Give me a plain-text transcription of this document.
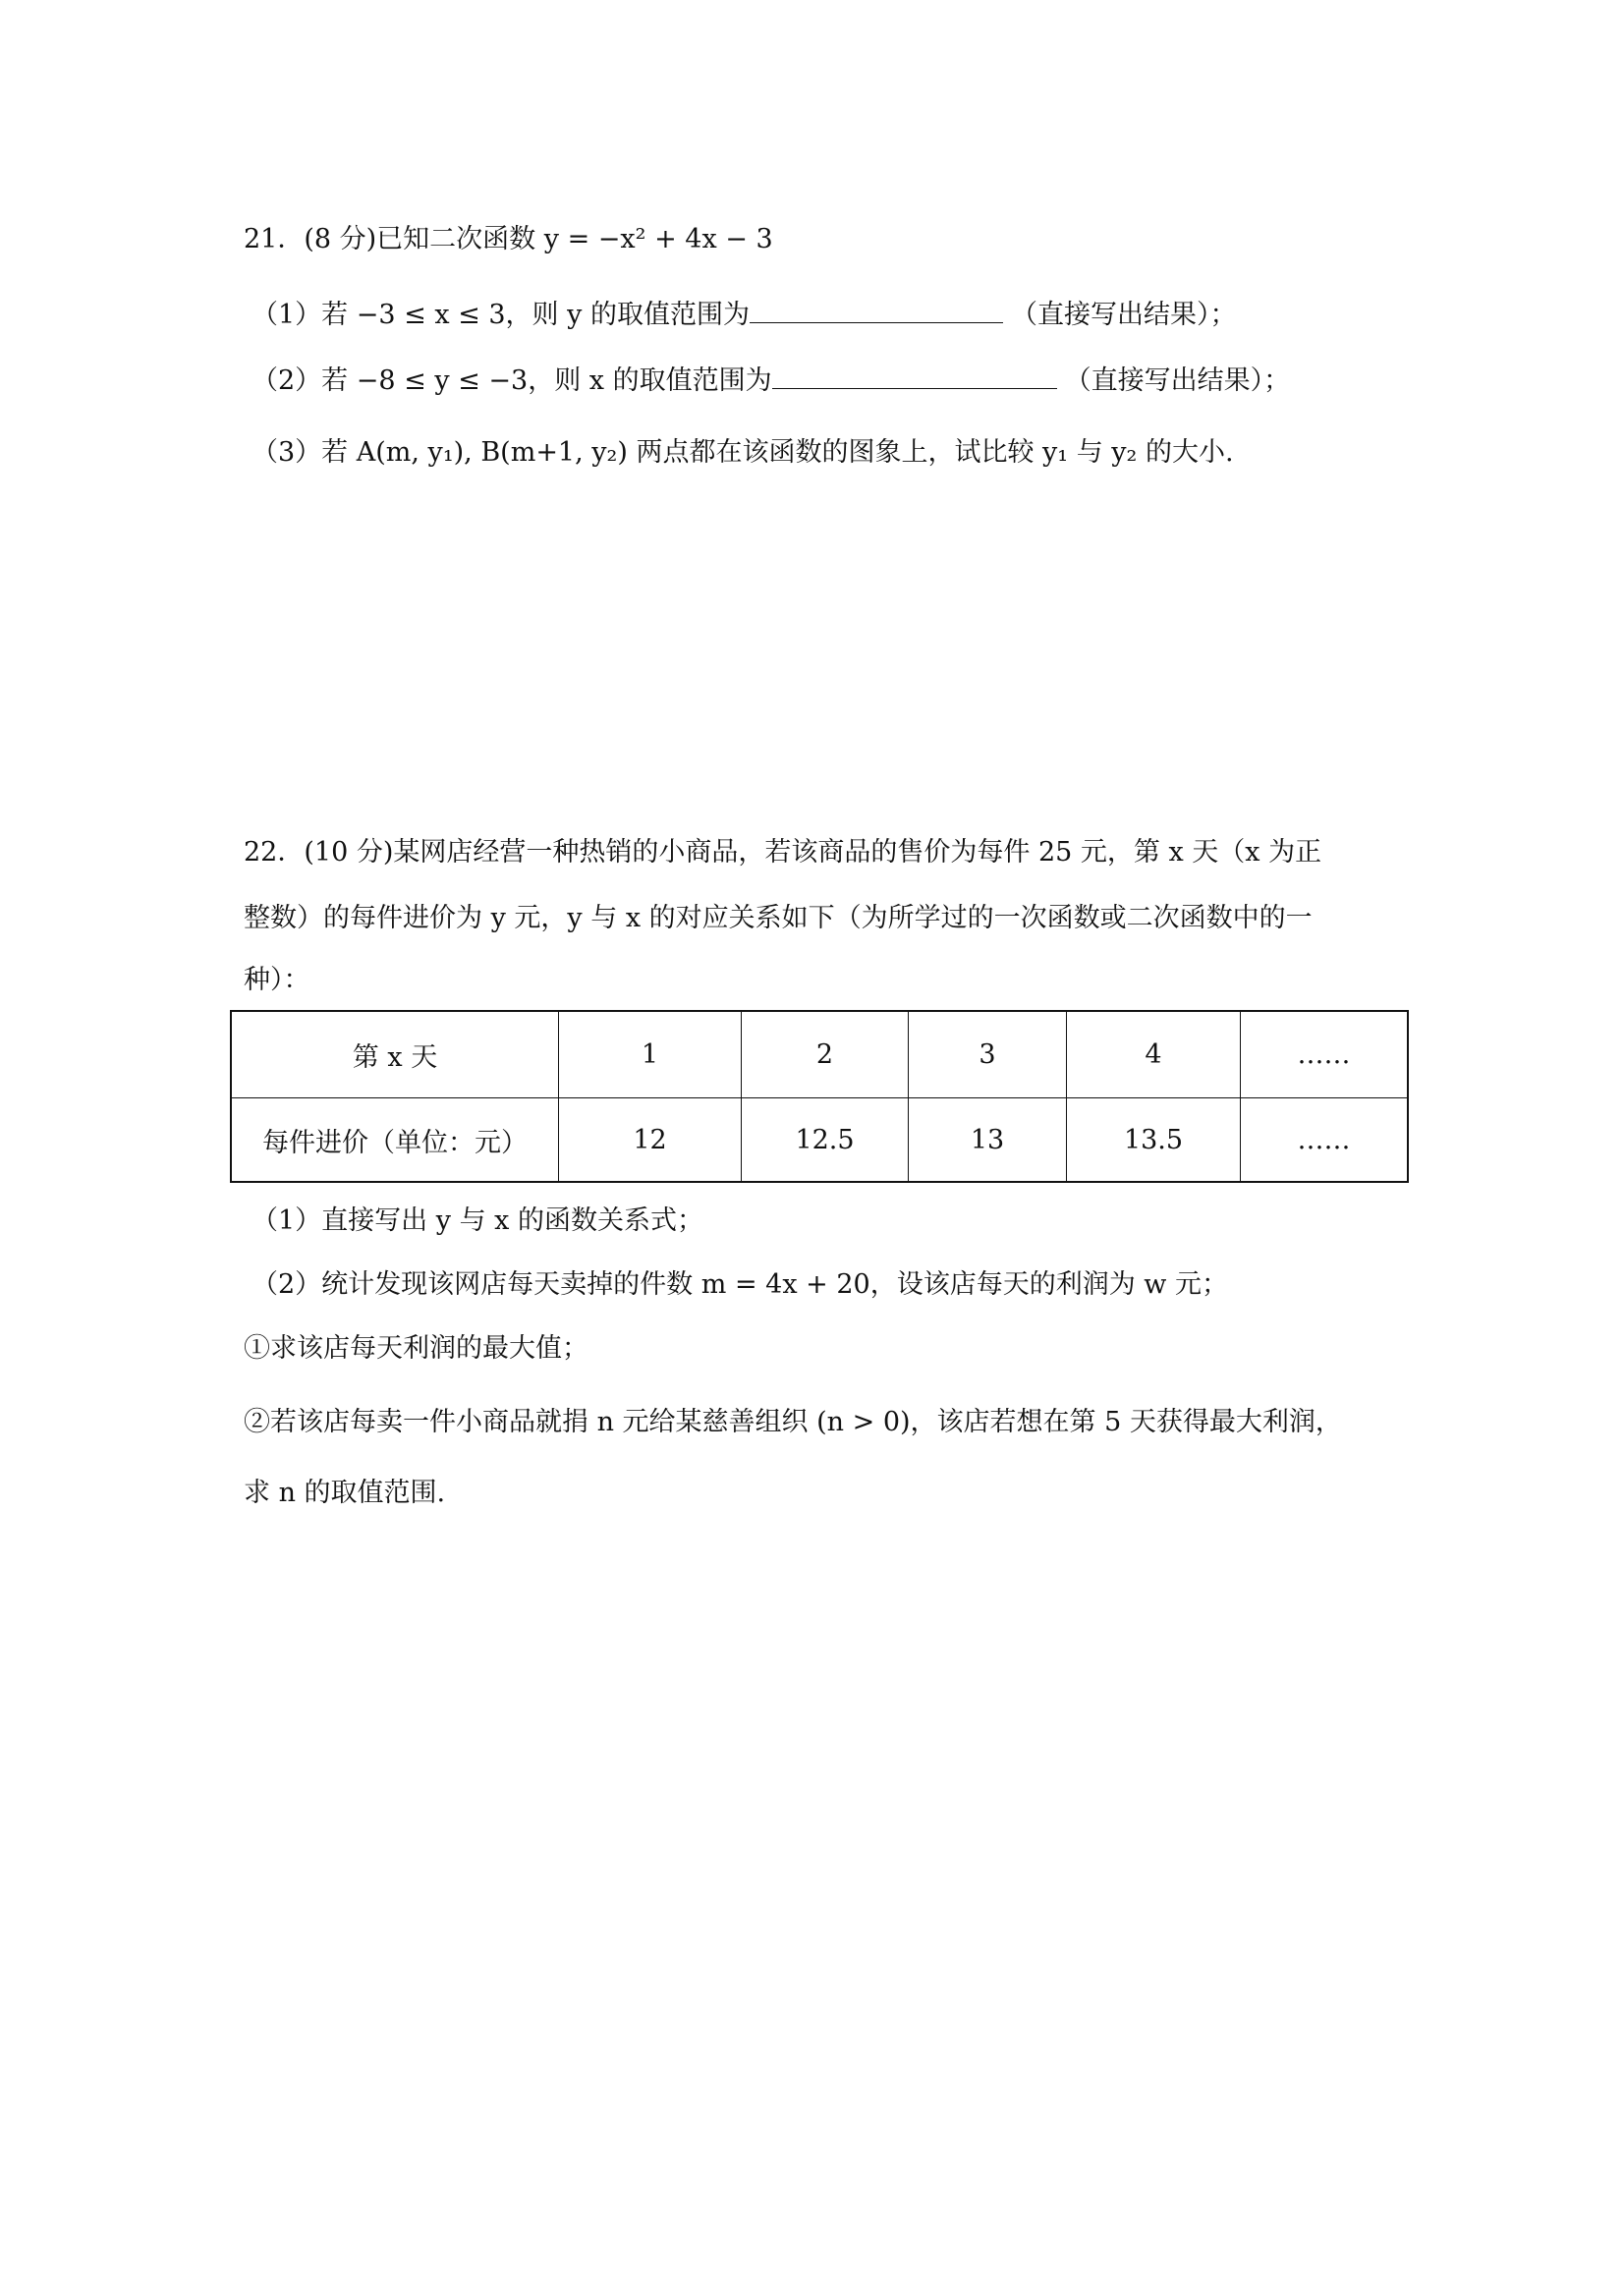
21．(8 分)已知二次函数 y = −x² + 4x − 3
（1）若 −3 ≤ x ≤ 3，则 y 的取值范围为	（直接写出结果）；
（2）若 −8 ≤ y ≤ −3，则 x 的取值范围为	（直接写出结果）；
（3）若 A(m, y₁), B(m+1, y₂) 两点都在该函数的图象上，试比较 y₁ 与 y₂ 的大小.
22．(10 分)某网店经营一种热销的小商品，若该商品的售价为每件 25 元，第 x 天（x 为正
整数）的每件进价为 y 元，y 与 x 的对应关系如下（为所学过的一次函数或二次函数中的一
种）：
第 x 天	1	2	3	4	……
每件进价（单位：元）	12	12.5	13	13.5	……
（1）直接写出 y 与 x 的函数关系式；
（2）统计发现该网店每天卖掉的件数 m = 4x + 20，设该店每天的利润为 w 元；
①求该店每天利润的最大值；
②若该店每卖一件小商品就捐 n 元给某慈善组织 (n > 0)，该店若想在第 5 天获得最大利润，
求 n 的取值范围.
